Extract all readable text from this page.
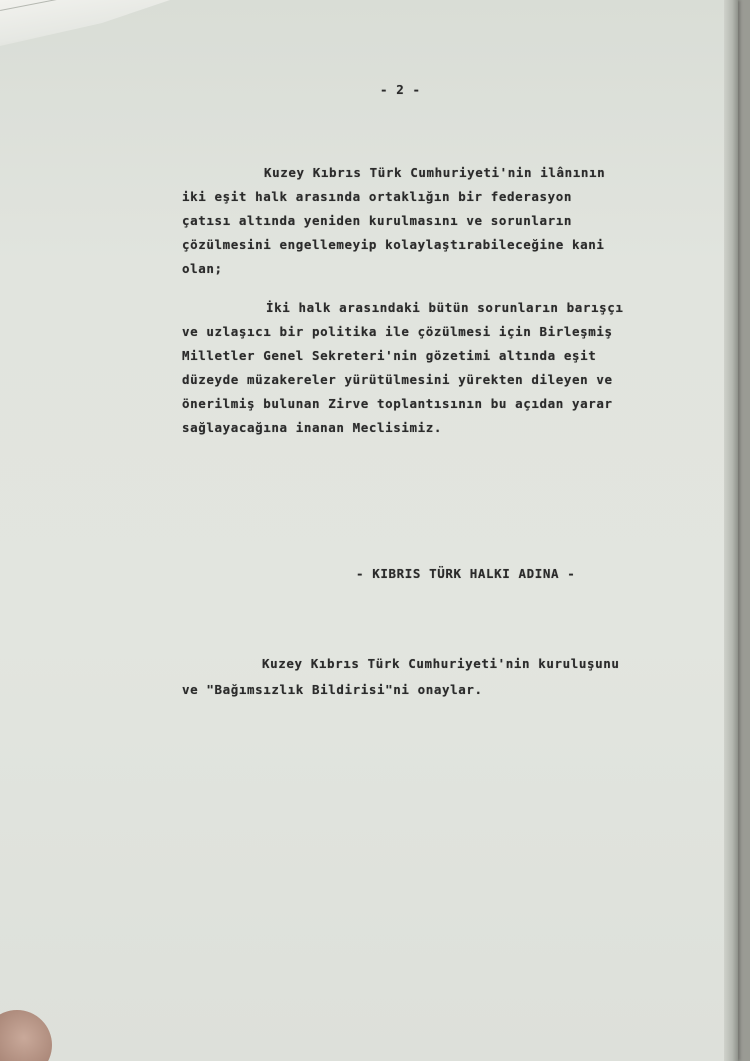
- 2 -
Kuzey Kıbrıs Türk Cumhuriyeti'nin ilânının
iki eşit halk arasında ortaklığın bir federasyon
çatısı altında yeniden kurulmasını ve sorunların
çözülmesini engellemeyip kolaylaştırabileceğine kani
olan;
İki halk arasındaki bütün sorunların barışçı
ve uzlaşıcı bir politika ile çözülmesi için Birleşmiş
Milletler Genel Sekreteri'nin gözetimi altında eşit
düzeyde müzakereler yürütülmesini yürekten dileyen ve
önerilmiş bulunan Zirve toplantısının bu açıdan yarar
sağlayacağına inanan Meclisimiz.
- KIBRIS TÜRK HALKI ADINA -
Kuzey Kıbrıs Türk Cumhuriyeti'nin kuruluşunu
ve "Bağımsızlık Bildirisi"ni onaylar.
